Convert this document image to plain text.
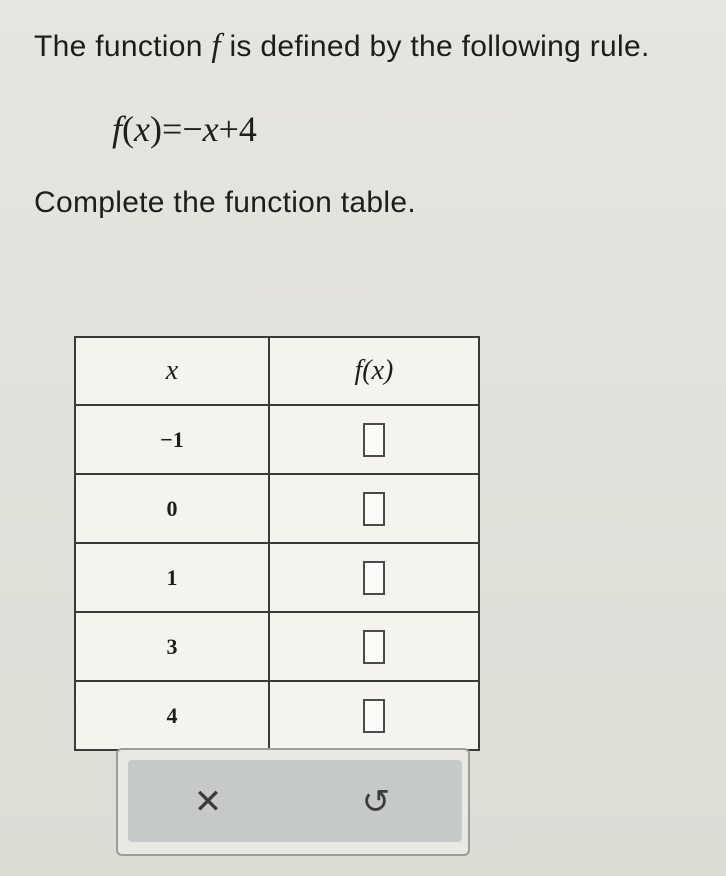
The function f is defined by the following rule.
f(x)=−x+4
Complete the function table.
x	f(x)
−1	
0	
1	
3	
4	
✕	↺
